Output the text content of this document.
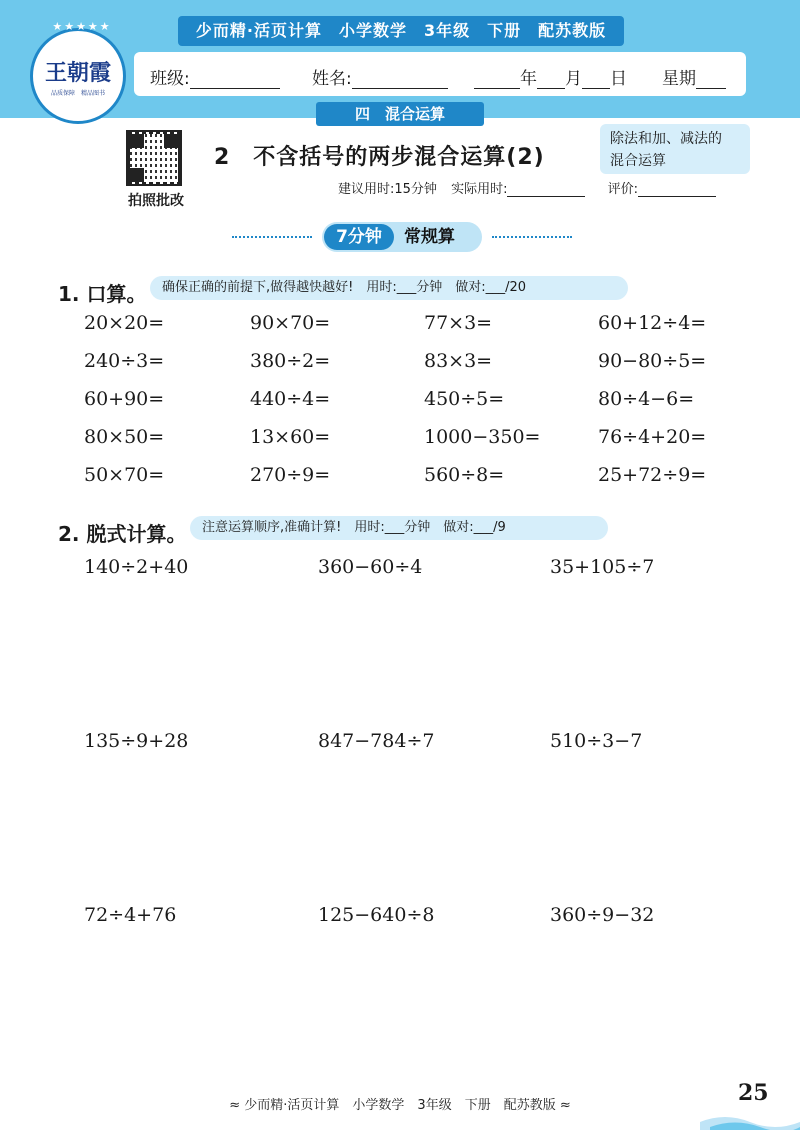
★★★★★
王朝霞
品质保障　精品图书
少而精·活页计算　小学数学　3年级　下册　配苏教版
班级:	姓名:	年 月 日 星期
四　混合运算
拍照批改
2　不含括号的两步混合运算(2)
除法和加、减法的
混合运算
建议用时:15分钟 实际用时:	评价:
7分钟	常规算
1. 口算。	确保正确的前提下,做得越快越好!　用时:___分钟　做对:___/20
20×20=	90×70=	77×3=	60+12÷4=
240÷3=	380÷2=	83×3=	90−80÷5=
60+90=	440÷4=	450÷5=	80÷4−6=
80×50=	13×60=	1000−350=	76÷4+20=
50×70=	270÷9=	560÷8=	25+72÷9=
2. 脱式计算。	注意运算顺序,准确计算!　用时:___分钟　做对:___/9
140÷2+40	360−60÷4	35+105÷7
135÷9+28	847−784÷7	510÷3−7
72÷4+76	125−640÷8	360÷9−32
≈ 少而精·活页计算　小学数学　3年级　下册　配苏教版 ≈	25
